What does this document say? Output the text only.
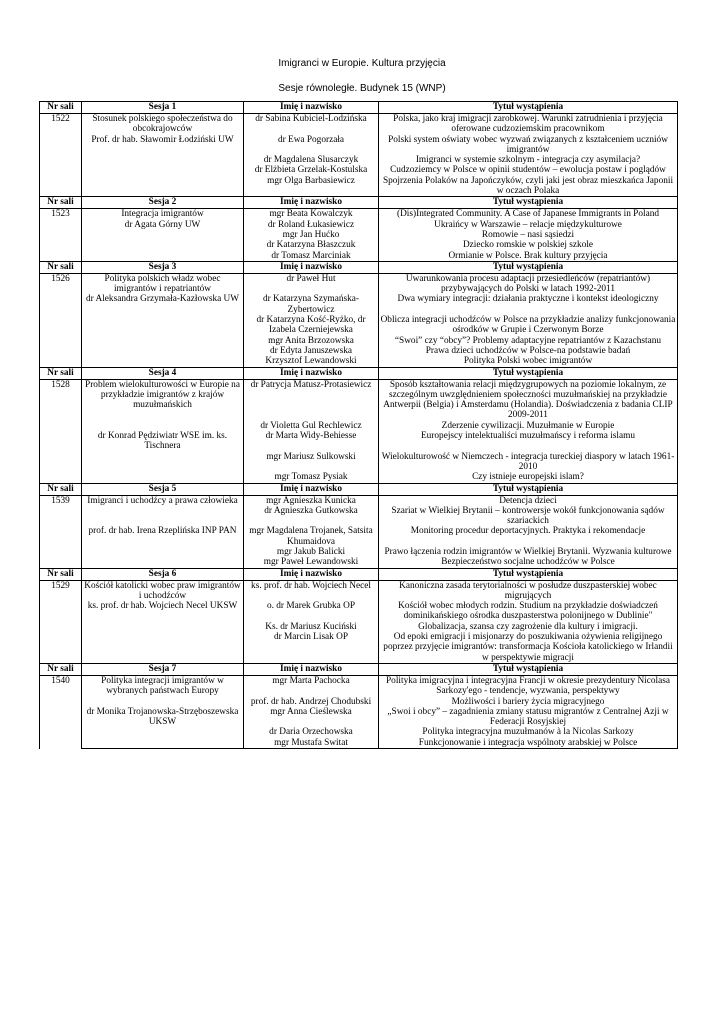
Imigranci w Europie. Kultura przyjęcia
Sesje równoległe. Budynek 15 (WNP)
Nr sali	Sesja 1	Imię i nazwisko	Tytuł wystąpienia
1522	Stosunek polskiego społeczeństwa do obcokrajowców	dr Sabina Kubiciel-Lodzińska	Polska, jako kraj imigracji zarobkowej. Warunki zatrudnienia i przyjęcia oferowane cudzoziemskim pracownikom
	Prof. dr hab. Sławomir Łodziński UW	dr Ewa Pogorzała	Polski system oświaty wobec wyzwań związanych z kształceniem uczniów imigrantów
		dr Magdalena Ślusarczyk	Imigranci w systemie szkolnym - integracja czy asymilacja?
		dr Elżbieta Grzelak-Kostulska	Cudzoziemcy w Polsce w opinii studentów – ewolucja postaw i poglądów
		mgr Olga Barbasiewicz	Spojrzenia Polaków na Japończyków, czyli jaki jest obraz mieszkańca Japonii w oczach Polaka
Nr sali	Sesja 2	Imię i nazwisko	Tytuł wystąpienia
1523	Integracja imigrantów	mgr Beata Kowalczyk	(Dis)Integrated Community. A Case of Japanese Immigrants in Poland
	dr Agata Górny UW	dr Roland Łukasiewicz	Ukraińcy w Warszawie – relacje międzykulturowe
		mgr Jan Hućko	Romowie – nasi sąsiedzi
		dr Katarzyna Błaszczuk	Dziecko romskie w polskiej szkole
		dr Tomasz Marciniak	Ormianie w Polsce. Brak kultury przyjęcia
Nr sali	Sesja 3	Imię i nazwisko	Tytuł wystąpienia
1526	Polityka polskich władz wobec imigrantów i repatriantów	dr Paweł Hut	Uwarunkowania procesu adaptacji przesiedleńców (repatriantów) przybywających do Polski w latach 1992-2011
	dr Aleksandra Grzymała-Kazłowska UW	dr Katarzyna Szymańska-Zybertowicz	Dwa wymiary integracji: działania praktyczne i kontekst ideologiczny
		dr Katarzyna Kość-Ryżko, dr Izabela Czerniejewska	Oblicza integracji uchodźców w Polsce na przykładzie analizy funkcjonowania ośrodków w Grupie i Czerwonym Borze
		mgr Anita Brzozowska	“Swoi” czy “obcy”? Problemy adaptacyjne repatriantów z Kazachstanu
		dr Edyta Januszewska	Prawa dzieci uchodźców w Polsce-na podstawie badań
		Krzysztof Lewandowski	Polityka Polski wobec imigrantów
Nr sali	Sesja 4	Imię i nazwisko	Tytuł wystąpienia
1528	Problem wielokulturowości w Europie na przykładzie imigrantów z krajów muzułmańskich	dr Patrycja Matusz-Protasiewicz	Sposób kształtowania relacji międzygrupowych na poziomie lokalnym, ze szczególnym uwzględnieniem społeczności muzułmańskiej na przykładzie Antwerpii (Belgia) i Amsterdamu (Holandia). Doświadczenia z badania CLIP 2009-2011
		dr Violetta Gul Rechlewicz	Zderzenie cywilizacji. Muzułmanie w Europie
	dr Konrad Pędziwiatr WSE im. ks. Tischnera	dr Marta Widy-Behiesse	Europejscy intelektualiści muzułmańscy i reforma islamu
		mgr Mariusz Sulkowski	Wielokulturowość w Niemczech - integracja tureckiej diaspory w latach 1961-2010
		mgr Tomasz Pysiak	Czy istnieje europejski islam?
Nr sali	Sesja 5	Imię i nazwisko	Tytuł wystąpienia
1539	Imigranci i uchodźcy a prawa człowieka	mgr Agnieszka Kunicka	Detencja dzieci
		dr Agnieszka Gutkowska	Szariat w Wielkiej Brytanii – kontrowersje wokół funkcjonowania sądów szariackich
	prof. dr hab. Irena Rzeplińska INP PAN	mgr Magdalena Trojanek, Satsita Khumaidova	Monitoring procedur deportacyjnych. Praktyka i rekomendacje
		mgr Jakub Balicki	Prawo łączenia rodzin imigrantów w Wielkiej Brytanii. Wyzwania kulturowe
		mgr Paweł Lewandowski	Bezpieczeństwo socjalne uchodźców w Polsce
Nr sali	Sesja 6	Imię i nazwisko	Tytuł wystąpienia
1529	Kościół katolicki wobec praw imigrantów i uchodźców	ks. prof. dr hab. Wojciech Necel	Kanoniczna zasada terytorialności w posłudze duszpasterskiej wobec migrujących
	ks. prof. dr hab. Wojciech Necel UKSW	o. dr Marek Grubka OP	Kościół wobec młodych rodzin. Studium na przykładzie doświadczeń dominikańskiego ośrodka duszpasterstwa polonijnego w Dublinie"
		Ks. dr Mariusz Kuciński	Globalizacja, szansa czy zagrożenie dla kultury i imigracji.
		dr Marcin Lisak OP	Od epoki emigracji i misjonarzy do poszukiwania ożywienia religijnego poprzez przyjęcie imigrantów: transformacja Kościoła katolickiego w Irlandii w perspektywie migracji
Nr sali	Sesja 7	Imię i nazwisko	Tytuł wystąpienia
1540	Polityka integracji imigrantów w wybranych państwach Europy	mgr Marta Pachocka	Polityka imigracyjna i integracyjna Francji w okresie prezydentury Nicolasa Sarkozy'ego - tendencje, wyzwania, perspektywy
		prof. dr hab. Andrzej Chodubski	Możliwości i bariery życia migracyjnego
	dr Monika Trojanowska-Strzęboszewska UKSW	mgr Anna Cieślewska	„Swoi i obcy” – zagadnienia zmiany statusu migrantów z Centralnej Azji w Federacji Rosyjskiej
		dr Daria Orzechowska	Polityka integracyjna muzułmanów à la Nicolas Sarkozy
		mgr Mustafa Switat	Funkcjonowanie i integracja wspólnoty arabskiej w Polsce
